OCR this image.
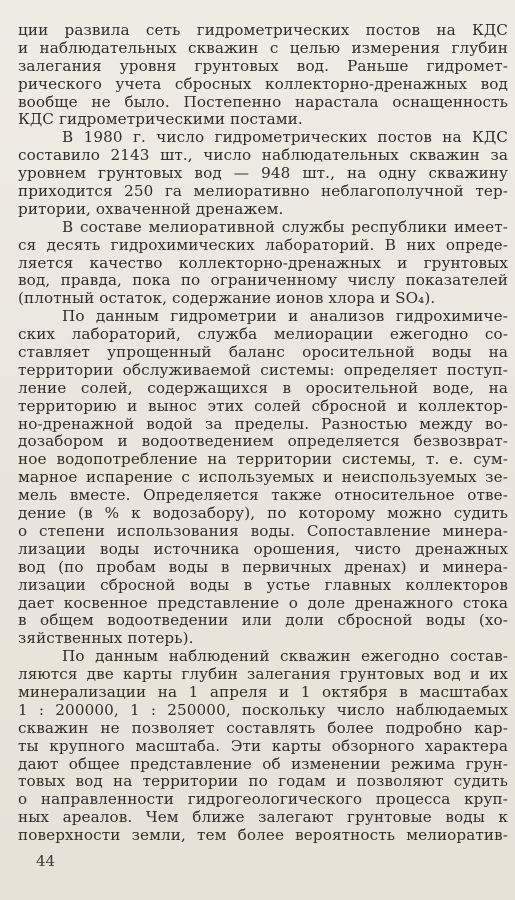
ции развила сеть гидрометрических постов на КДС
и наблюдательных скважин с целью измерения глубин
залегания уровня грунтовых вод. Раньше гидромет-
рического учета сбросных коллекторно-дренажных вод
вообще не было. Постепенно нарастала оснащенность
КДС гидрометрическими постами.
В 1980 г. число гидрометрических постов на КДС
составило 2143 шт., число наблюдательных скважин за
уровнем грунтовых вод — 948 шт., на одну скважину
приходится 250 га мелиоративно неблагополучной тер-
ритории, охваченной дренажем.
В составе мелиоративной службы республики имеет-
ся десять гидрохимических лабораторий. В них опреде-
ляется качество коллекторно-дренажных и грунтовых
вод, правда, пока по ограниченному числу показателей
(плотный остаток, содержание ионов хлора и SO₄).
По данным гидрометрии и анализов гидрохимиче-
ских лабораторий, служба мелиорации ежегодно со-
ставляет упрощенный баланс оросительной воды на
территории обслуживаемой системы: определяет поступ-
ление солей, содержащихся в оросительной воде, на
территорию и вынос этих солей сбросной и коллектор-
но-дренажной водой за пределы. Разностью между во-
дозабором и водоотведением определяется безвозврат-
ное водопотребление на территории системы, т. е. сум-
марное испарение с используемых и неиспользуемых зе-
мель вместе. Определяется также относительное отве-
дение (в % к водозабору), по которому можно судить
о степени использования воды. Сопоставление минера-
лизации воды источника орошения, чисто дренажных
вод (по пробам воды в первичных дренах) и минера-
лизации сбросной воды в устье главных коллекторов
дает косвенное представление о доле дренажного стока
в общем водоотведении или доли сбросной воды (хо-
зяйственных потерь).
По данным наблюдений скважин ежегодно состав-
ляются две карты глубин залегания грунтовых вод и их
минерализации на 1 апреля и 1 октября в масштабах
1 : 200000, 1 : 250000, поскольку число наблюдаемых
скважин не позволяет составлять более подробно кар-
ты крупного масштаба. Эти карты обзорного характера
дают общее представление об изменении режима грун-
товых вод на территории по годам и позволяют судить
о направленности гидрогеологического процесса круп-
ных ареалов. Чем ближе залегают грунтовые воды к
поверхности земли, тем более вероятность мелиоратив-
44
